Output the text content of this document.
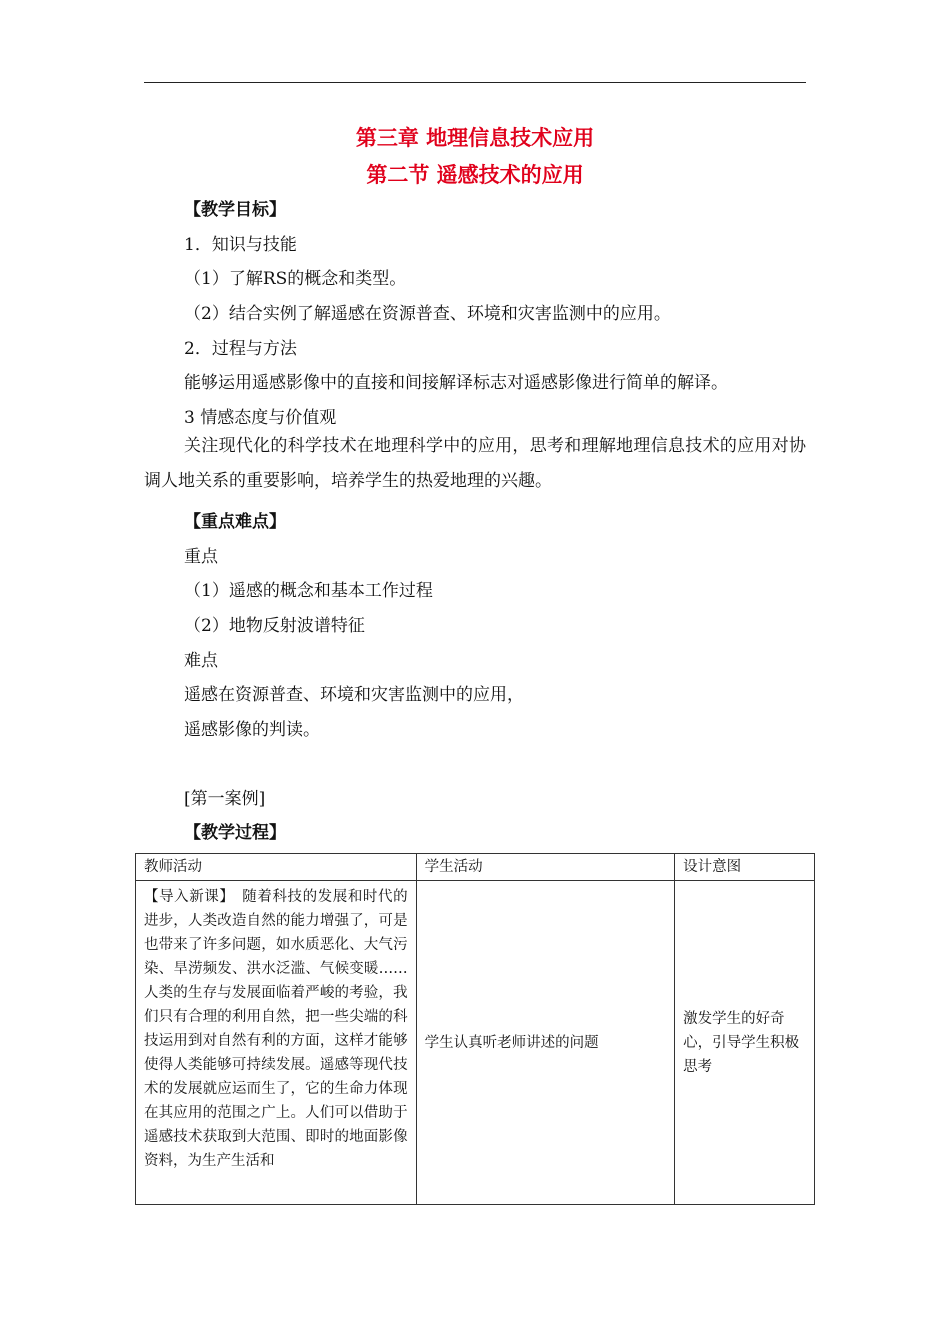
第三章 地理信息技术应用
第二节 遥感技术的应用
【教学目标】
1．知识与技能
（1）了解RS的概念和类型。
（2）结合实例了解遥感在资源普查、环境和灾害监测中的应用。
2．过程与方法
能够运用遥感影像中的直接和间接解译标志对遥感影像进行简单的解译。
3 情感态度与价值观
关注现代化的科学技术在地理科学中的应用，思考和理解地理信息技术的应用对协调人地关系的重要影响，培养学生的热爱地理的兴趣。
【重点难点】
重点
（1）遥感的概念和基本工作过程
（2）地物反射波谱特征
难点
遥感在资源普查、环境和灾害监测中的应用，
遥感影像的判读。
[第一案例]
【教学过程】
教师活动	学生活动	设计意图
【导入新课】　随着科技的发展和时代的进步，人类改造自然的能力增强了，可是也带来了许多问题，如水质恶化、大气污染、旱涝频发、洪水泛滥、气候变暖……人类的生存与发展面临着严峻的考验，我们只有合理的利用自然，把一些尖端的科技运用到对自然有利的方面，这样才能够使得人类能够可持续发展。遥感等现代技术的发展就应运而生了，它的生命力体现在其应用的范围之广上。人们可以借助于遥感技术获取到大范围、即时的地面影像资料，为生产生活和	学生认真听老师讲述的问题	激发学生的好奇心，引导学生积极思考
